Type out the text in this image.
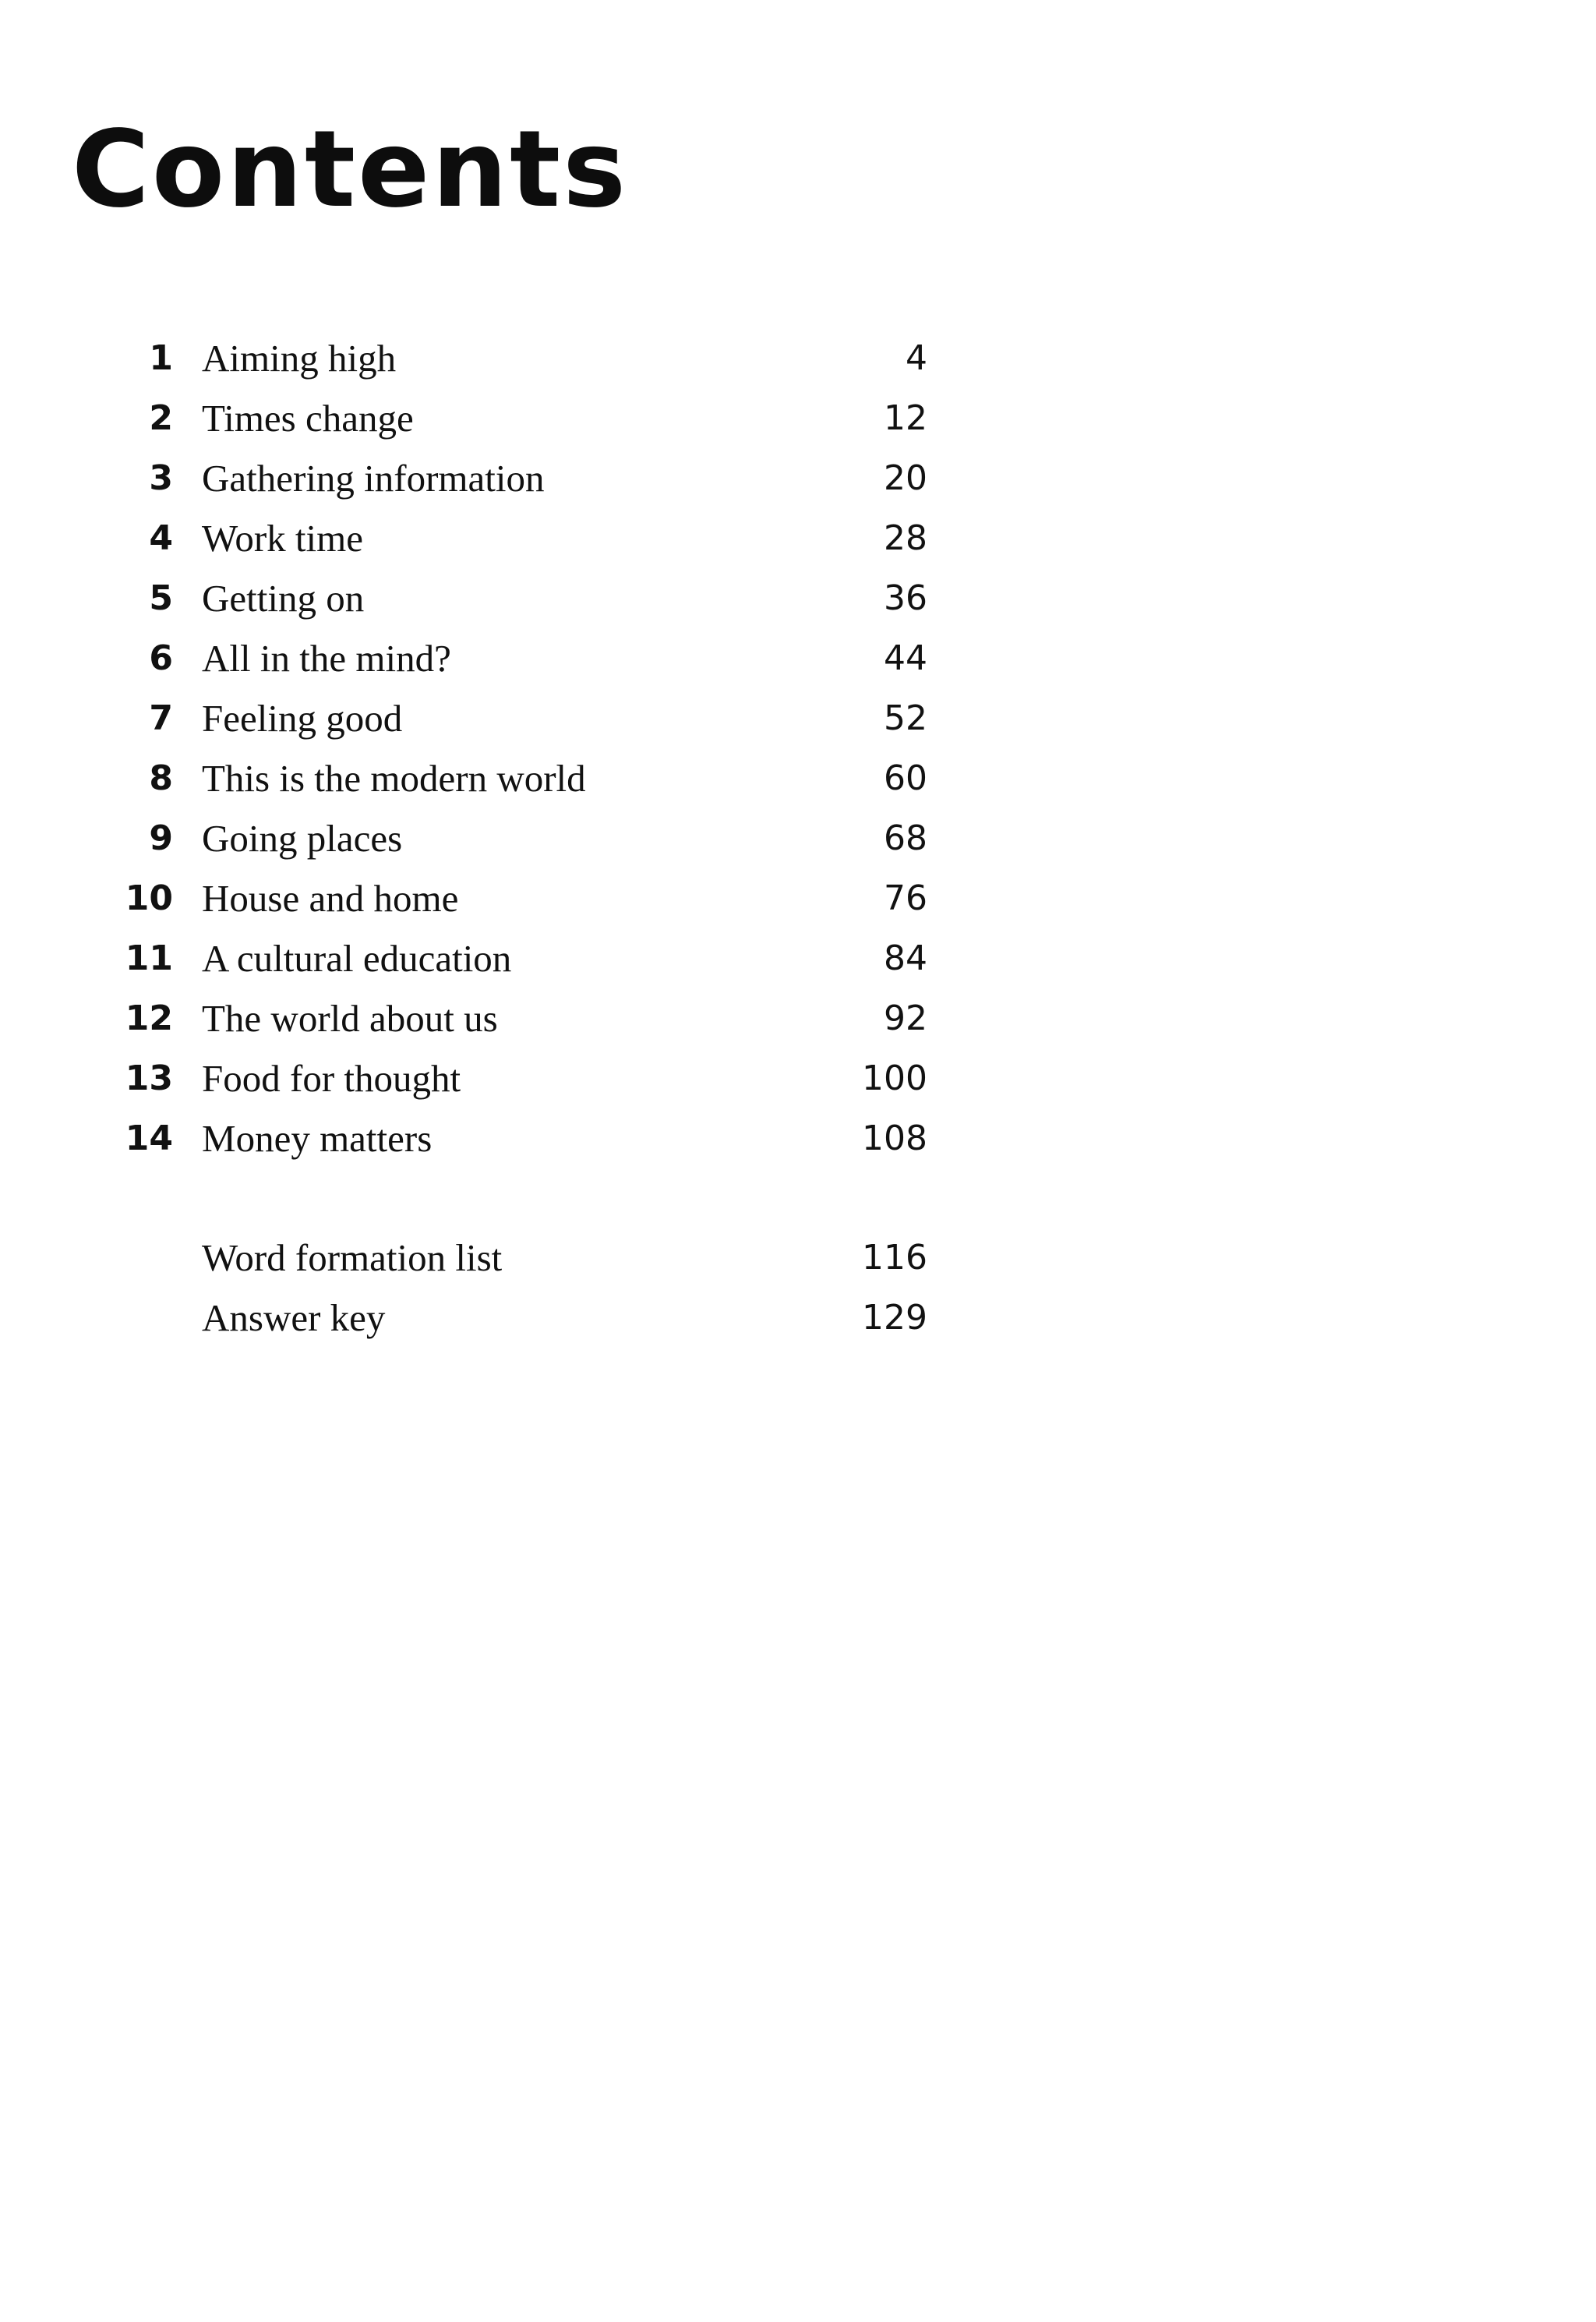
Contents
1 Aiming high	4
2 Times change	12
3 Gathering information	20
4 Work time	28
5 Getting on	36
6 All in the mind?	44
7 Feeling good	52
8 This is the modern world	60
9 Going places	68
10 House and home	76
11 A cultural education	84
12 The world about us	92
13 Food for thought	100
14 Money matters	108
Word formation list	116
Answer key	129
